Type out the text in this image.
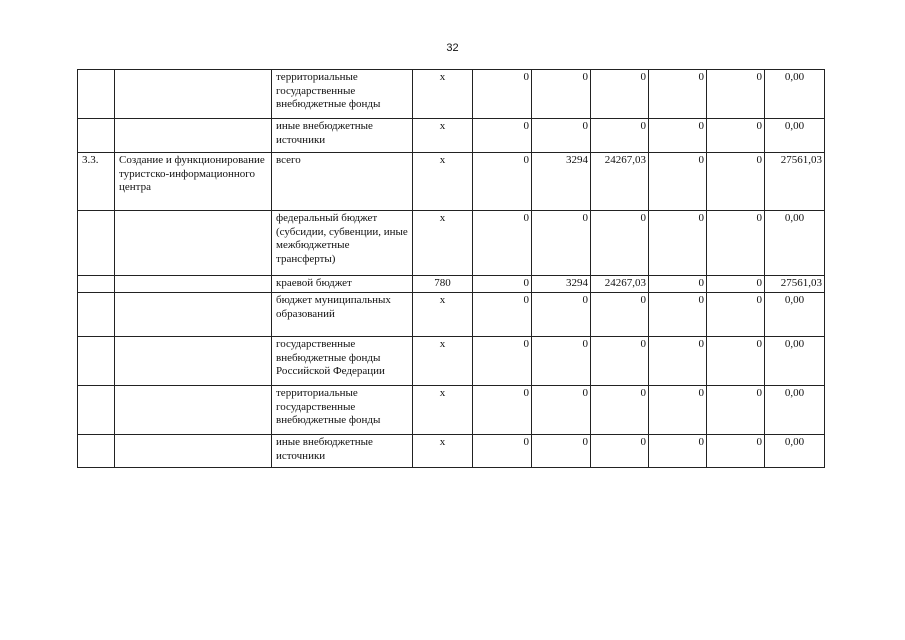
32
		территориальные государственные внебюджетные фонды	x	0	0	0	0	0	0,00
		иные внебюджетные источники	x	0	0	0	0	0	0,00
3.3.	Создание и функционирование туристско-информационного центра	всего	x	0	3294	24267,03	0	0	27561,03
		федеральный бюджет (субсидии, субвенции, иные межбюджетные трансферты)	x	0	0	0	0	0	0,00
		краевой бюджет	780	0	3294	24267,03	0	0	27561,03
		бюджет муниципальных образований	x	0	0	0	0	0	0,00
		государственные внебюджетные фонды Российской Федерации	x	0	0	0	0	0	0,00
		территориальные государственные внебюджетные фонды	x	0	0	0	0	0	0,00
		иные внебюджетные источники	x	0	0	0	0	0	0,00
